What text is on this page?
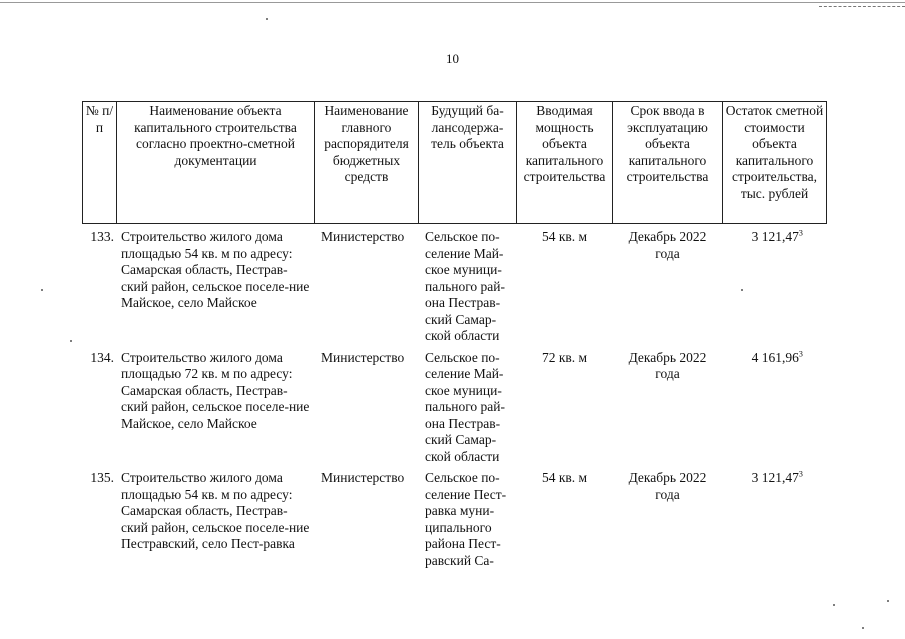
10
№ п/п	Наименование объекта капитального строительства согласно проектно-сметной документации	Наименование главного распорядителя бюджетных средств	Будущий ба-лансодержа-тель объекта	Вводимая мощность объекта капитального строительства	Срок ввода в эксплуатацию объекта капитального строительства	Остаток сметной стоимости объекта капитального строительства, тыс. рублей
133.	Строительство жилого дома площадью 54 кв. м по адресу: Самарская область, Пестрав-ский район, сельское поселе-ние Майское, село Майское	Министерство	Сельское по-селение Май-ское муници-пального рай-она Пестрав-ский Самар-ской области	54 кв. м	Декабрь 2022 года	3 121,47$^3$
134.	Строительство жилого дома площадью 72 кв. м по адресу: Самарская область, Пестрав-ский район, сельское поселе-ние Майское, село Майское	Министерство	Сельское по-селение Май-ское муници-пального рай-она Пестрав-ский Самар-ской области	72 кв. м	Декабрь 2022 года	4 161,96$^3$
135.	Строительство жилого дома площадью 54 кв. м по адресу: Самарская область, Пестрав-ский район, сельское поселе-ние Пестравский, село Пест-равка	Министерство	Сельское по-селение Пест-равка муни-ципального района Пест-равский Са-	54 кв. м	Декабрь 2022 года	3 121,47$^3$
